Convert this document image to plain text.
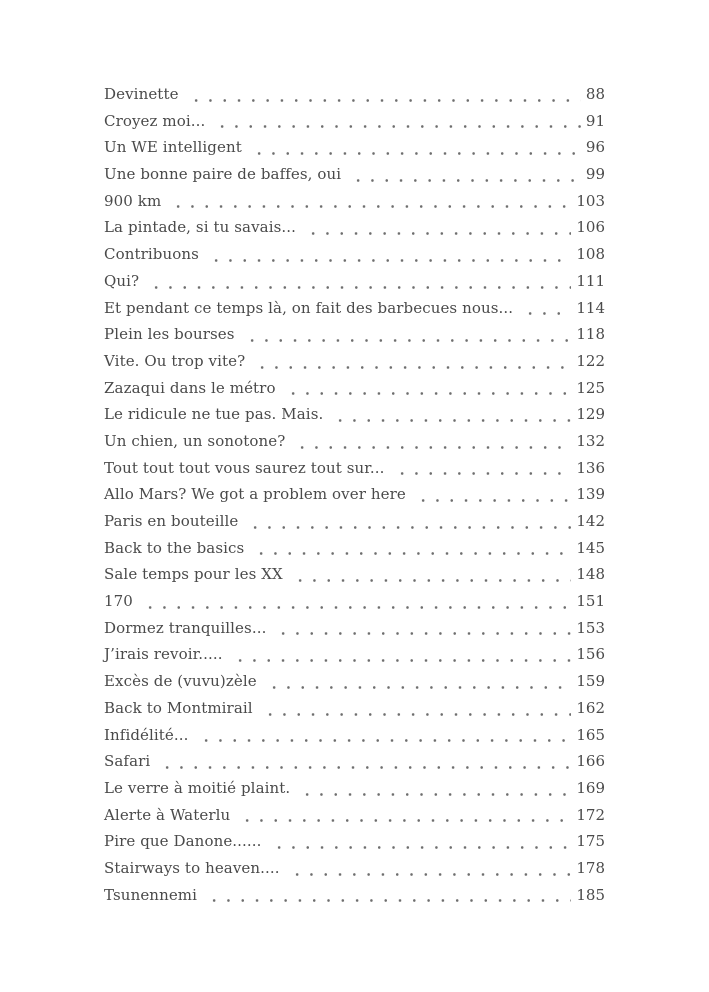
Devinette	88
Croyez moi...	91
Un WE intelligent	96
Une bonne paire de baffes, oui	99
900 km	103
La pintade, si tu savais...	106
Contribuons	108
Qui?	111
Et pendant ce temps là, on fait des barbecues nous...	114
Plein les bourses	118
Vite. Ou trop vite?	122
Zazaqui dans le métro	125
Le ridicule ne tue pas. Mais.	129
Un chien, un sonotone?	132
Tout tout tout vous saurez tout sur...	136
Allo Mars? We got a problem over here	139
Paris en bouteille	142
Back to the basics	145
Sale temps pour les XX	148
170	151
Dormez tranquilles...	153
J’irais revoir.....	156
Excès de (vuvu)zèle	159
Back to Montmirail	162
Infidélité...	165
Safari	166
Le verre à moitié plaint.	169
Alerte à Waterlu	172
Pire que Danone......	175
Stairways to heaven....	178
Tsunennemi	185
